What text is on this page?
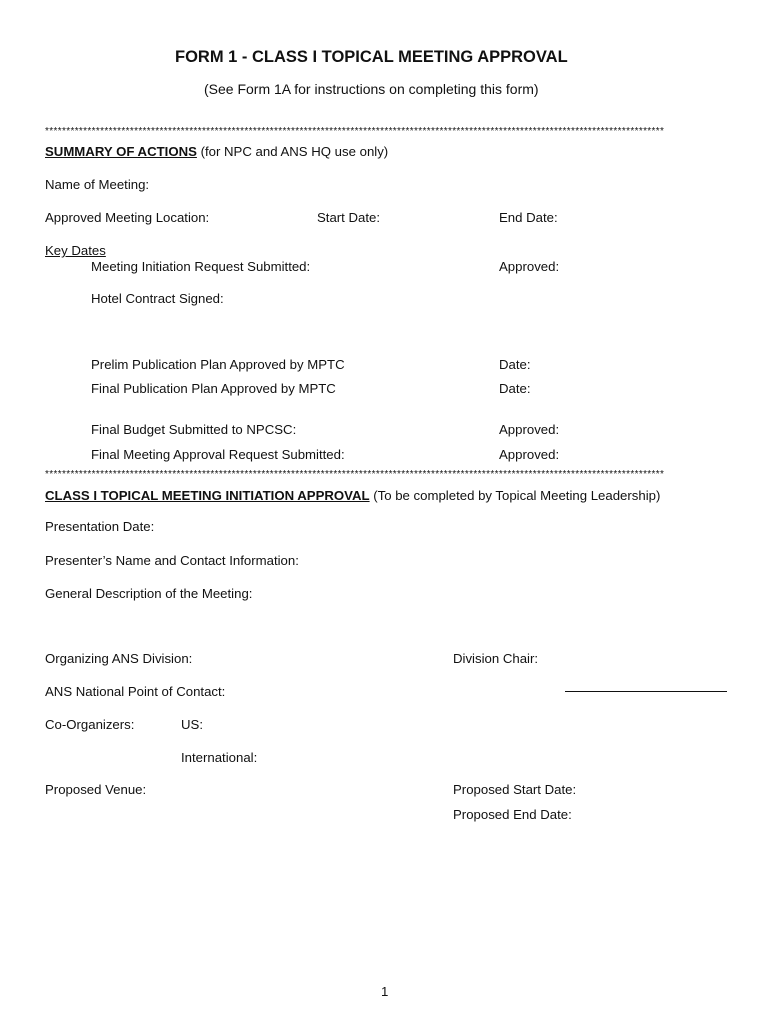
FORM 1 - CLASS I TOPICAL MEETING APPROVAL
(See Form 1A for instructions on completing this form)
**************************************************************************************************************************************************
SUMMARY OF ACTIONS (for NPC and ANS HQ use only)
Name of Meeting:
Approved Meeting Location:	Start Date:	End Date:
Key Dates
Meeting Initiation Request Submitted:	Approved:
Hotel Contract Signed:
Prelim Publication Plan Approved by MPTC	Date:
Final Publication Plan Approved by MPTC	Date:
Final Budget Submitted to NPCSC:	Approved:
Final Meeting Approval Request Submitted:	Approved:
**************************************************************************************************************************************************
CLASS I TOPICAL MEETING INITIATION APPROVAL (To be completed by Topical Meeting Leadership)
Presentation Date:
Presenter’s Name and Contact Information:
General Description of the Meeting:
Organizing ANS Division:	Division Chair:
ANS National Point of Contact:
Co-Organizers:	US:
International:
Proposed Venue:	Proposed Start Date:
Proposed End Date:
1
